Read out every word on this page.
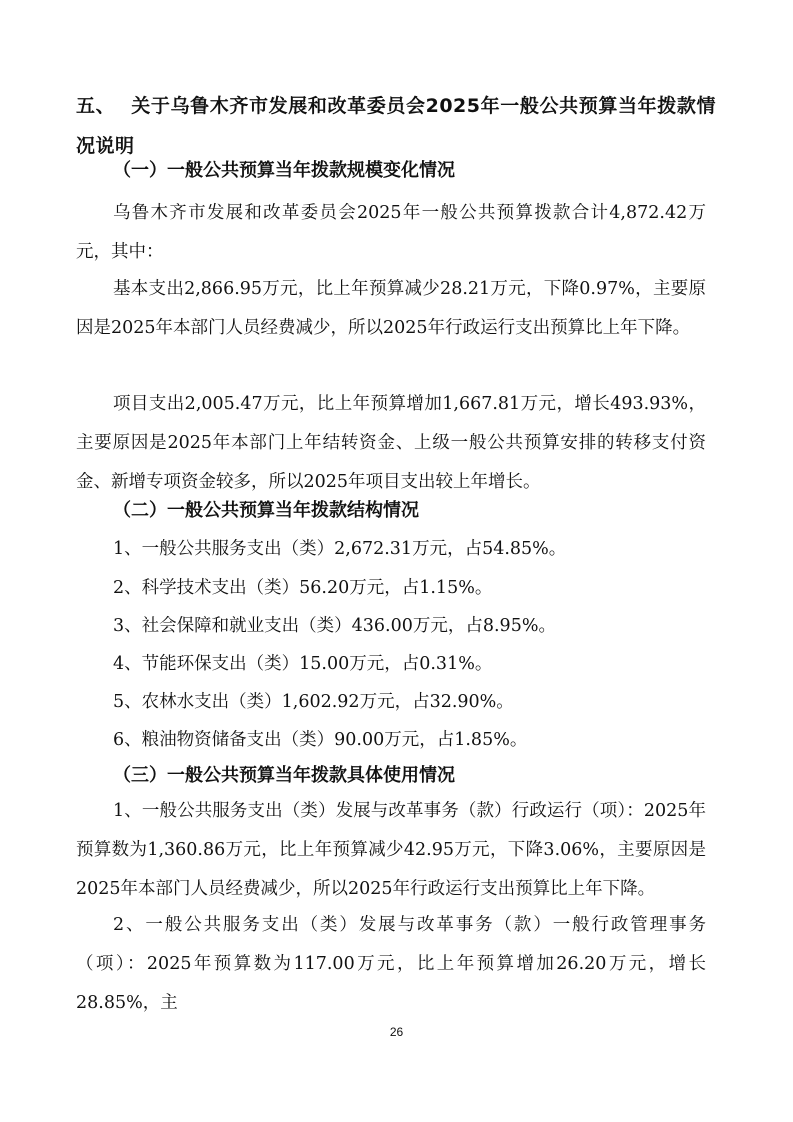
五、 关于乌鲁木齐市发展和改革委员会2025年一般公共预算当年拨款情况说明

（一）一般公共预算当年拨款规模变化情况

乌鲁木齐市发展和改革委员会2025年一般公共预算拨款合计4,872.42万元，其中：

基本支出2,866.95万元，比上年预算减少28.21万元，下降0.97%，主要原因是2025年本部门人员经费减少，所以2025年行政运行支出预算比上年下降。

项目支出2,005.47万元，比上年预算增加1,667.81万元，增长493.93%，主要原因是2025年本部门上年结转资金、上级一般公共预算安排的转移支付资金、新增专项资金较多，所以2025年项目支出较上年增长。

（二）一般公共预算当年拨款结构情况

1、一般公共服务支出（类）2,672.31万元，占54.85%。

2、科学技术支出（类）56.20万元，占1.15%。

3、社会保障和就业支出（类）436.00万元，占8.95%。

4、节能环保支出（类）15.00万元，占0.31%。

5、农林水支出（类）1,602.92万元，占32.90%。

6、粮油物资储备支出（类）90.00万元，占1.85%。

（三）一般公共预算当年拨款具体使用情况

1、一般公共服务支出（类）发展与改革事务（款）行政运行（项）：2025年预算数为1,360.86万元，比上年预算减少42.95万元，下降3.06%，主要原因是2025年本部门人员经费减少，所以2025年行政运行支出预算比上年下降。

2、一般公共服务支出（类）发展与改革事务（款）一般行政管理事务（项）：2025年预算数为117.00万元，比上年预算增加26.20万元，增长28.85%，主

26
